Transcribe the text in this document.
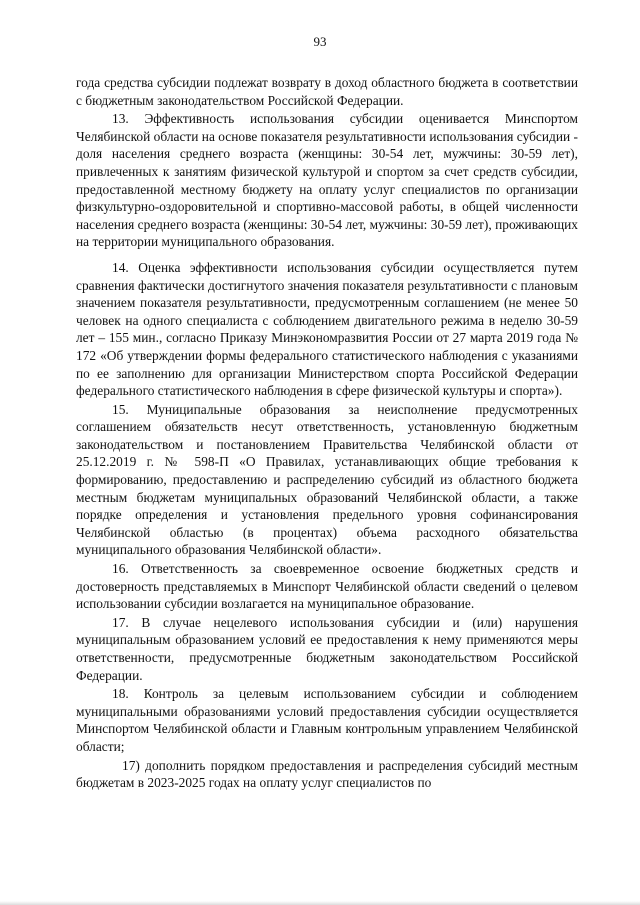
93

года средства субсидии подлежат возврату в доход областного бюджета в соответствии с бюджетным законодательством Российской Федерации.

13. Эффективность использования субсидии оценивается Минспортом Челябинской области на основе показателя результативности использования субсидии - доля населения среднего возраста (женщины: 30-54 лет, мужчины: 30-59 лет), привлеченных к занятиям физической культурой и спортом за счет средств субсидии, предоставленной местному бюджету на оплату услуг специалистов по организации физкультурно-оздоровительной и спортивно-массовой работы, в общей численности населения среднего возраста (женщины: 30-54 лет, мужчины: 30-59 лет), проживающих на территории муниципального образования.

14. Оценка эффективности использования субсидии осуществляется путем сравнения фактически достигнутого значения показателя результативности с плановым значением показателя результативности, предусмотренным соглашением (не менее 50 человек на одного специалиста с соблюдением двигательного режима в неделю 30-59 лет – 155 мин., согласно Приказу Минэкономразвития России от 27 марта 2019 года № 172 «Об утверждении формы федерального статистического наблюдения с указаниями по ее заполнению для организации Министерством спорта Российской Федерации федерального статистического наблюдения в сфере физической культуры и спорта»).

15. Муниципальные образования за неисполнение предусмотренных соглашением обязательств несут ответственность, установленную бюджетным законодательством и постановлением Правительства Челябинской области от 25.12.2019 г. № 598-П «О Правилах, устанавливающих общие требования к формированию, предоставлению и распределению субсидий из областного бюджета местным бюджетам муниципальных образований Челябинской области, а также порядке определения и установления предельного уровня софинансирования Челябинской областью (в процентах) объема расходного обязательства муниципального образования Челябинской области».

16. Ответственность за своевременное освоение бюджетных средств и достоверность представляемых в Минспорт Челябинской области сведений о целевом использовании субсидии возлагается на муниципальное образование.

17. В случае нецелевого использования субсидии и (или) нарушения муниципальным образованием условий ее предоставления к нему применяются меры ответственности, предусмотренные бюджетным законодательством Российской Федерации.

18. Контроль за целевым использованием субсидии и соблюдением муниципальными образованиями условий предоставления субсидии осуществляется Минспортом Челябинской области и Главным контрольным управлением Челябинской области;

17) дополнить порядком предоставления и распределения субсидий местным бюджетам в 2023-2025 годах на оплату услуг специалистов по
